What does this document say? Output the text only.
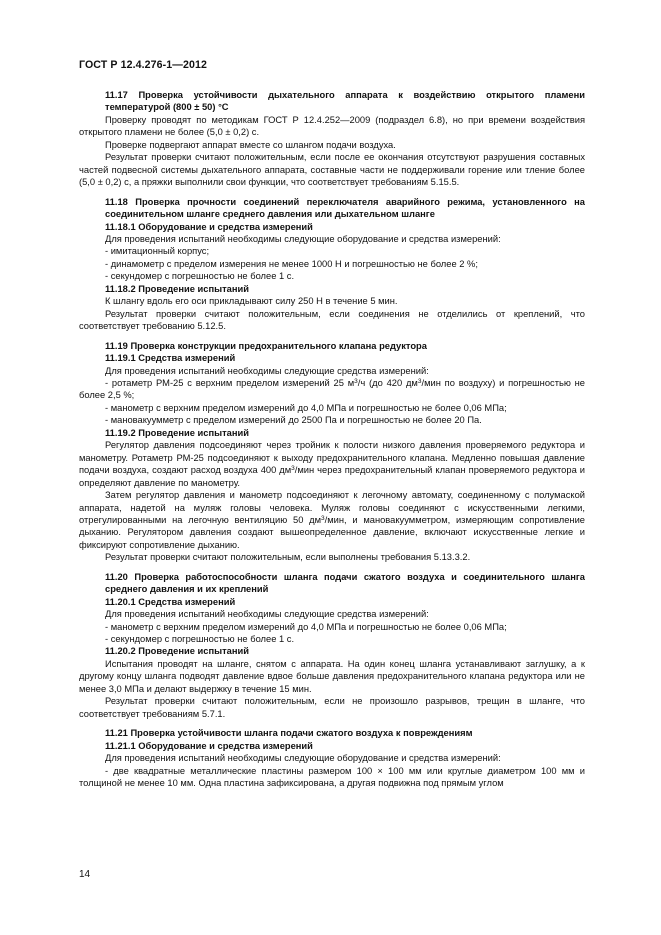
ГОСТ Р 12.4.276-1—2012

11.17 Проверка устойчивости дыхательного аппарата к воздействию открытого пламени температурой (800 ± 50) °С

Проверку проводят по методикам ГОСТ Р 12.4.252—2009 (подраздел 6.8), но при времени воздействия открытого пламени не более (5,0 ± 0,2) с.

Проверке подвергают аппарат вместе со шлангом подачи воздуха.

Результат проверки считают положительным, если после ее окончания отсутствуют разрушения составных частей подвесной системы дыхательного аппарата, составные части не поддерживали горение или тление более (5,0 ± 0,2) с, а пряжки выполнили свои функции, что соответствует требованиям 5.15.5.

11.18 Проверка прочности соединений переключателя аварийного режима, установленного на соединительном шланге среднего давления или дыхательном шланге

11.18.1 Оборудование и средства измерений

Для проведения испытаний необходимы следующие оборудование и средства измерений:

- имитационный корпус;

- динамометр с пределом измерения не менее 1000 Н и погрешностью не более 2 %;

- секундомер с погрешностью не более 1 с.

11.18.2 Проведение испытаний

К шлангу вдоль его оси прикладывают силу 250 Н в течение 5 мин.

Результат проверки считают положительным, если соединения не отделились от креплений, что соответствует требованию 5.12.5.

11.19 Проверка конструкции предохранительного клапана редуктора

11.19.1 Средства измерений

Для проведения испытаний необходимы следующие средства измерений:

- ротаметр РМ-25 с верхним пределом измерений 25 $м^3/ч$ (до 420 $дм^3$/мин по воздуху) и погрешностью не более 2,5 %;

- манометр с верхним пределом измерений до 4,0 МПа и погрешностью не более 0,06 МПа;

- мановакуумметр с пределом измерений до 2500 Па и погрешностью не более 20 Па.

11.19.2 Проведение испытаний

Регулятор давления подсоединяют через тройник к полости низкого давления проверяемого редуктора и манометру. Ротаметр РМ-25 подсоединяют к выходу предохранительного клапана. Медленно повышая давление подачи воздуха, создают расход воздуха 400 $дм^3$/мин через предохранительный клапан проверяемого редуктора и определяют давление по манометру.

Затем регулятор давления и манометр подсоединяют к легочному автомату, соединенному с полумаской аппарата, надетой на муляж головы человека. Муляж головы соединяют с искусственными легкими, отрегулированными на легочную вентиляцию 50 $дм^3$/мин, и мановакуумметром, измеряющим сопротивление дыханию. Регулятором давления создают вышеопределенное давление, включают искусственные легкие и фиксируют сопротивление дыханию.

Результат проверки считают положительным, если выполнены требования 5.13.3.2.

11.20 Проверка работоспособности шланга подачи сжатого воздуха и соединительного шланга среднего давления и их креплений

11.20.1 Средства измерений

Для проведения испытаний необходимы следующие средства измерений:

- манометр с верхним пределом измерений до 4,0 МПа и погрешностью не более 0,06 МПа;

- секундомер с погрешностью не более 1 с.

11.20.2 Проведение испытаний

Испытания проводят на шланге, снятом с аппарата. На один конец шланга устанавливают заглушку, а к другому концу шланга подводят давление вдвое больше давления предохранительного клапана редуктора или не менее 3,0 МПа и делают выдержку в течение 15 мин.

Результат проверки считают положительным, если не произошло разрывов, трещин в шланге, что соответствует требованиям 5.7.1.

11.21 Проверка устойчивости шланга подачи сжатого воздуха к повреждениям

11.21.1 Оборудование и средства измерений

Для проведения испытаний необходимы следующие оборудование и средства измерений:

- две квадратные металлические пластины размером 100 × 100 мм или круглые диаметром 100 мм и толщиной не менее 10 мм. Одна пластина зафиксирована, а другая подвижна под прямым углом

14
